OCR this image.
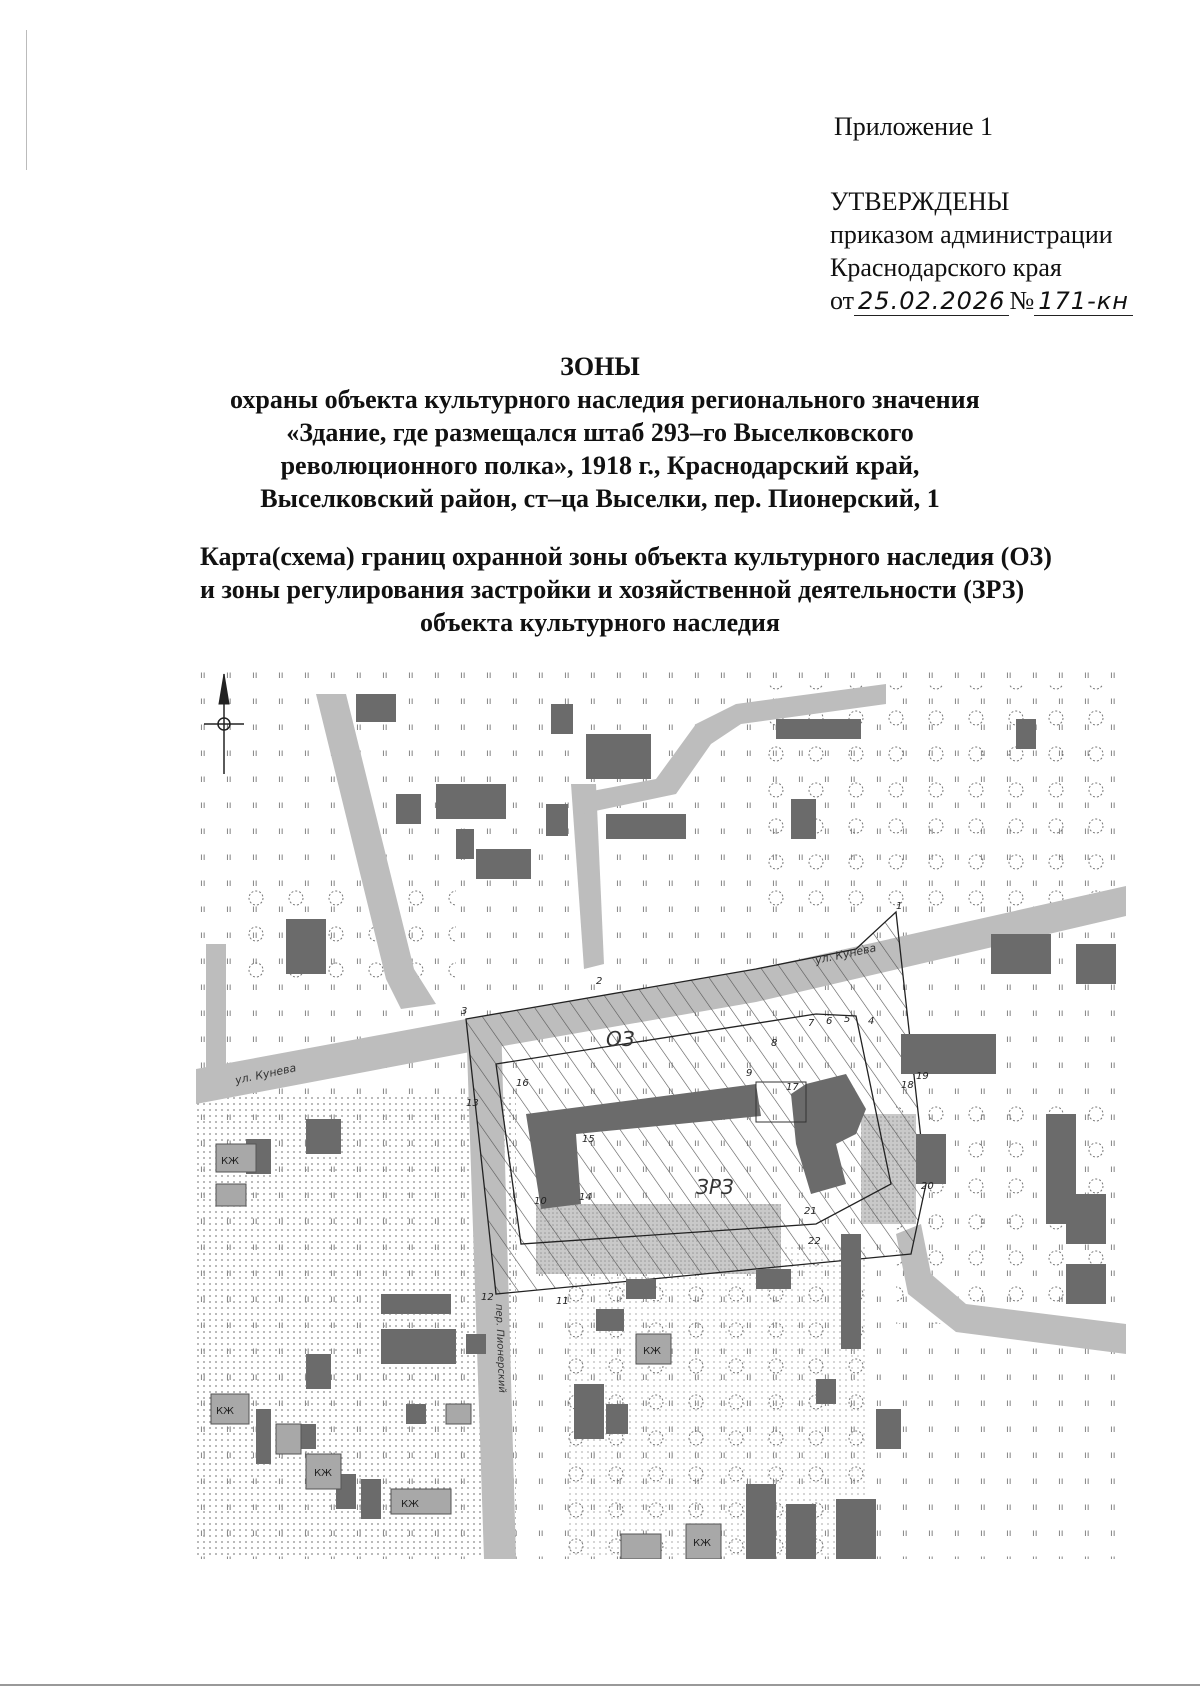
Приложение 1
УТВЕРЖДЕНЫ
приказом администрации
Краснодарского края
от 25.02.2026 № 171-кн
ЗОНЫ
охраны объекта культурного наследия регионального значения
«Здание, где размещался штаб 293–го Выселковского
революционного полка», 1918 г., Краснодарский край,
Выселковский район, ст–ца Выселки, пер. Пионерский, 1
Карта(схема) границ охранной зоны объекта культурного наследия (ОЗ)
и зоны регулирования застройки и хозяйственной деятельности (ЗРЗ)
объекта культурного наследия
КЖ
КЖ
КЖ
КЖ
КЖ
КЖ
ОЗ
ЗРЗ
ул. Кунева
ул. Кунева
пер. Пионерский
1
2
3
4
5
6
7
8
9
10
11
12
13
14
15
16	17	18
19
20
21
22
